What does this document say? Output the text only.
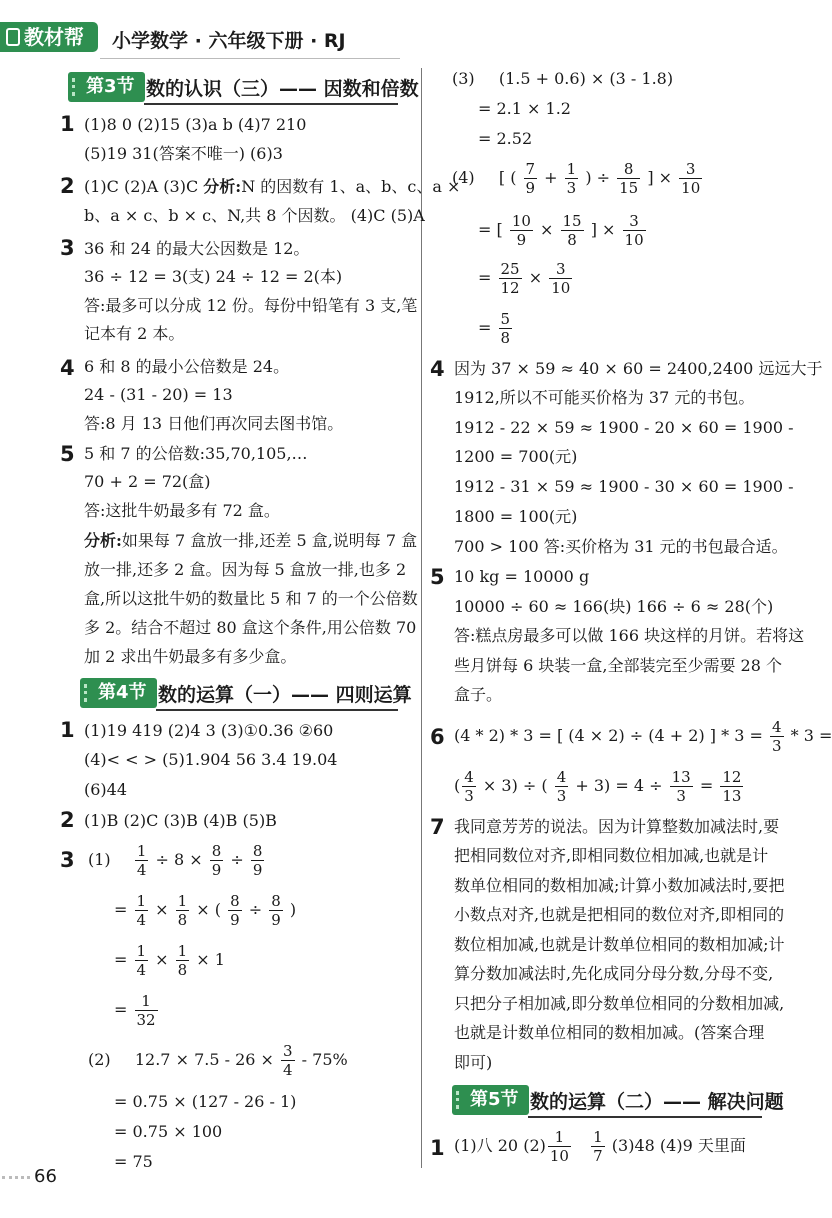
教材帮	小学数学 · 六年级下册 · RJ
第3节 数的认识（三）—— 因数和倍数
1 (1)8 0 (2)15 (3)a b (4)7 210
(5)19 31(答案不唯一) (6)3
2 (1)C (2)A (3)C 分析:N 的因数有 1、a、b、c、a ×
b、a × c、b × c、N,共 8 个因数。 (4)C (5)A
3 36 和 24 的最大公因数是 12。
36 ÷ 12 = 3(支) 24 ÷ 12 = 2(本)
答:最多可以分成 12 份。每份中铅笔有 3 支,笔
记本有 2 本。
4 6 和 8 的最小公倍数是 24。
24 - (31 - 20) = 13
答:8 月 13 日他们再次同去图书馆。
5 5 和 7 的公倍数:35,70,105,…
70 + 2 = 72(盒)
答:这批牛奶最多有 72 盒。
分析:如果每 7 盒放一排,还差 5 盒,说明每 7 盒
放一排,还多 2 盒。因为每 5 盒放一排,也多 2
盒,所以这批牛奶的数量比 5 和 7 的一个公倍数
多 2。结合不超过 80 盒这个条件,用公倍数 70
加 2 求出牛奶最多有多少盒。
第4节 数的运算（一）—— 四则运算
1 (1)19 419 (2)4 3 (3)①0.36 ②60
(4)< < > (5)1.904 56 3.4 19.04
(6)44
2 (1)B (2)C (3)B (4)B (5)B
3 $(1) \frac{1}{4} \div 8 \times \frac{8}{9} \div \frac{8}{9}$
= $\frac{1}{4} \times \frac{1}{8}$ × ( $\frac{8}{9} \div \frac{8}{9}$ )
= $\frac{1}{4} \times \frac{1}{8} \times 1$
= $\frac{1}{32}$
(2) $12.7 \times 7.5 - 26 \times \frac{3}{4} - 75\%$
= 0.75 × (127 - 26 - 1)
= 0.75 × 100
= 75
(3) (1.5 + 0.6) × (3 - 1.8)
= 2.1 × 1.2
= 2.52
(4) [ ( $\frac{7}{9} + \frac{1}{3}$ ) ÷ $\frac{8}{15}$ ] × $\frac{3}{10}$
= [ $\frac{10}{9} \times \frac{15}{8}$ ] × $\frac{3}{10}$
= $\frac{25}{12} \times \frac{3}{10}$
= $\frac{5}{8}$
4 因为 37 × 59 ≈ 40 × 60 = 2400,2400 远远大于
1912,所以不可能买价格为 37 元的书包。
1912 - 22 × 59 ≈ 1900 - 20 × 60 = 1900 -
1200 = 700(元)
1912 - 31 × 59 ≈ 1900 - 30 × 60 = 1900 -
1800 = 100(元)
700 > 100 答:买价格为 31 元的书包最合适。
5 10 kg = 10000 g
10000 ÷ 60 ≈ 166(块) 166 ÷ 6 ≈ 28(个)
答:糕点房最多可以做 166 块这样的月饼。若将这
些月饼每 6 块装一盒,全部装完至少需要 28 个
盒子。
6 (4 * 2) * 3 = [ (4 × 2) ÷ (4 + 2) ] * $3 = \frac{4}{3} * 3$ =
( $\frac{4}{3} \times 3$) ÷ ( $\frac{4}{3} + 3) = 4 \div \frac{13}{3} = \frac{12}{13}$
7 我同意芳芳的说法。因为计算整数加减法时,要
把相同数位对齐,即相同数位相加减,也就是计
数单位相同的数相加减;计算小数加减法时,要把
小数点对齐,也就是把相同的数位对齐,即相同的
数位相加减,也就是计数单位相同的数相加减;计
算分数加减法时,先化成同分母分数,分母不变,
只把分子相加减,即分数单位相同的分数相加减,
也就是计数单位相同的数相加减。(答案合理
即可)
第5节 数的运算（二）—— 解决问题
1 (1)八 20 $(2) \frac{1}{10}$
$\frac{1}{7} (3)48$ (4)9 天里面
66
